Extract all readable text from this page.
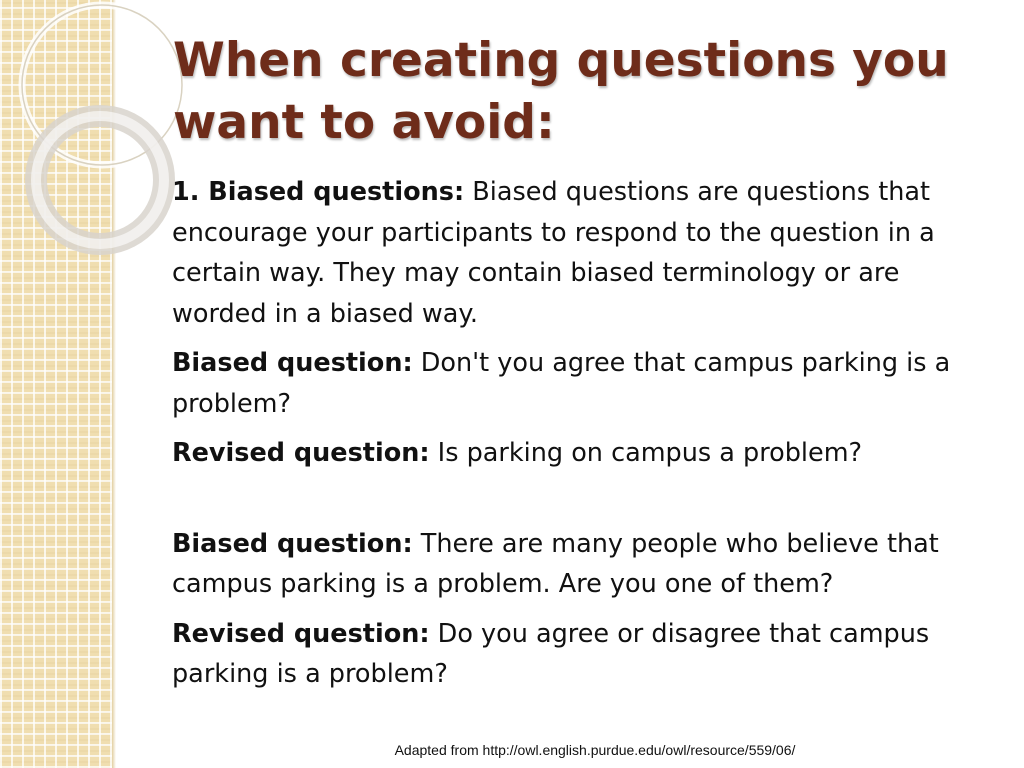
When creating questions you want to avoid:

1. Biased questions: Biased questions are questions that encourage your participants to respond to the question in a certain way. They may contain biased terminology or are worded in a biased way.

Biased question: Don't you agree that campus parking is a problem?

Revised question: Is parking on campus a problem?

Biased question: There are many people who believe that campus parking is a problem. Are you one of them?

Revised question: Do you agree or disagree that campus parking is a problem?

Adapted from http://owl.english.purdue.edu/owl/resource/559/06/
